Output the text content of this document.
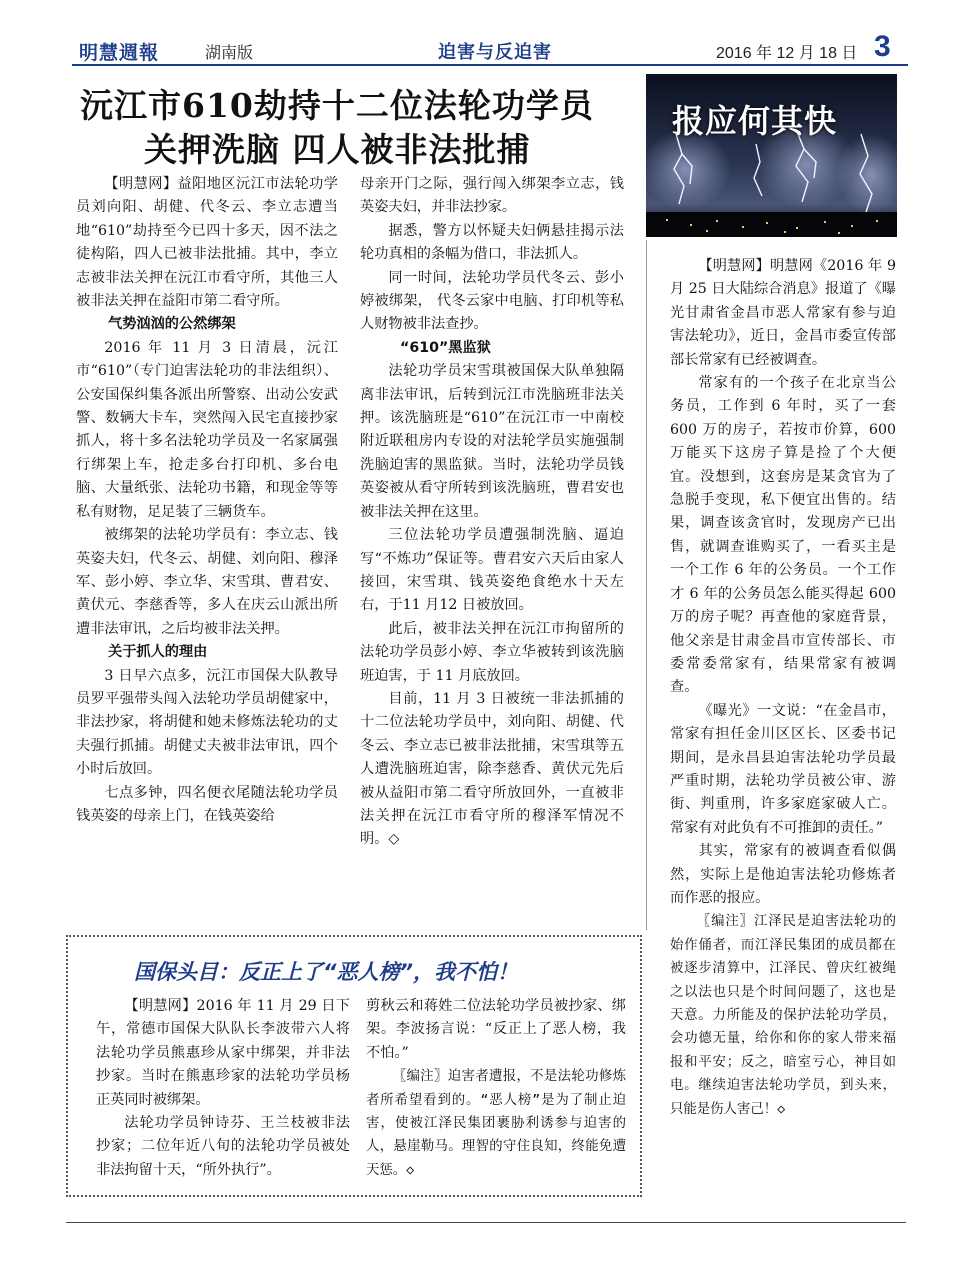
明慧週報	湖南版	迫害与反迫害	2016 年 12 月 18 日 3
沅江市610劫持十二位法轮功学员
关押洗脑 四人被非法批捕

【明慧网】益阳地区沅江市法轮功学员刘向阳、胡健、代冬云、李立志遭当地“610”劫持至今已四十多天，因不法之徒构陷，四人已被非法批捕。其中，李立志被非法关押在沅江市看守所，其他三人被非法关押在益阳市第二看守所。

气势汹汹的公然绑架

2016 年 11 月 3 日清晨，沅江市“610”（专门迫害法轮功的非法组织）、公安国保纠集各派出所警察、出动公安武警、数辆大卡车，突然闯入民宅直接抄家抓人，将十多名法轮功学员及一名家属强行绑架上车，抢走多台打印机、多台电脑、大量纸张、法轮功书籍，和现金等等私有财物，足足装了三辆货车。

被绑架的法轮功学员有：李立志、钱英姿夫妇，代冬云、胡健、刘向阳、穆泽军、彭小婷、李立华、宋雪琪、曹君安、黄伏元、李慈香等，多人在庆云山派出所遭非法审讯，之后均被非法关押。

关于抓人的理由

3 日早六点多，沅江市国保大队教导员罗平强带头闯入法轮功学员胡健家中，非法抄家，将胡健和她未修炼法轮功的丈夫强行抓捕。胡健丈夫被非法审讯，四个小时后放回。

七点多钟，四名便衣尾随法轮功学员钱英姿的母亲上门，在钱英姿给

母亲开门之际，强行闯入绑架李立志，钱英姿夫妇，并非法抄家。

据悉，警方以怀疑夫妇俩悬挂揭示法轮功真相的条幅为借口，非法抓人。

同一时间，法轮功学员代冬云、彭小婷被绑架， 代冬云家中电脑、打印机等私人财物被非法查抄。

“610”黑监狱

法轮功学员宋雪琪被国保大队单独隔离非法审讯，后转到沅江市洗脑班非法关押。该洗脑班是“610”在沅江市一中南校附近联租房内专设的对法轮学员实施强制洗脑迫害的黑监狱。当时，法轮功学员钱英姿被从看守所转到该洗脑班，曹君安也被非法关押在这里。

三位法轮功学员遭强制洗脑、逼迫写“不炼功”保证等。曹君安六天后由家人接回，宋雪琪、钱英姿绝食绝水十天左右，于11 月12 日被放回。

此后，被非法关押在沅江市拘留所的法轮功学员彭小婷、李立华被转到该洗脑班迫害，于 11 月底放回。

目前，11 月 3 日被统一非法抓捕的十二位法轮功学员中，刘向阳、胡健、代冬云、李立志已被非法批捕，宋雪琪等五人遭洗脑班迫害，除李慈香、黄伏元先后被从益阳市第二看守所放回外，一直被非法关押在沅江市看守所的穆泽军情况不明。◇

报应何其快

【明慧网】明慧网《2016 年 9 月 25 日大陆综合消息》报道了《曝光甘肃省金昌市恶人常家有参与迫害法轮功》，近日，金昌市委宣传部部长常家有已经被调查。

常家有的一个孩子在北京当公务员，工作到 6 年时，买了一套 600 万的房子，若按市价算，600 万能买下这房子算是捡了个大便宜。没想到，这套房是某贪官为了急脱手变现，私下便宜出售的。结果，调查该贪官时，发现房产已出售，就调查谁购买了，一看买主是一个工作 6 年的公务员。一个工作才 6 年的公务员怎么能买得起 600 万的房子呢？再查他的家庭背景，他父亲是甘肃金昌市宣传部长、市委常委常家有，结果常家有被调查。

《曝光》一文说：“在金昌市，常家有担任金川区区长、区委书记期间，是永昌县迫害法轮功学员最严重时期，法轮功学员被公审、游街、判重刑，许多家庭家破人亡。常家有对此负有不可推卸的责任。”

其实，常家有的被调查看似偶然，实际上是他迫害法轮功修炼者而作恶的报应。

〖编注〗江泽民是迫害法轮功的始作俑者，而江泽民集团的成员都在被逐步清算中，江泽民、曾庆红被绳之以法也只是个时间问题了，这也是天意。力所能及的保护法轮功学员，会功德无量，给你和你的家人带来福报和平安；反之，暗室亏心，神目如电。继续迫害法轮功学员，到头来，只能是伤人害己！◇

国保头目：反正上了“恶人榜”，我不怕！

【明慧网】2016 年 11 月 29 日下午，常德市国保大队队长李波带六人将法轮功学员熊惠珍从家中绑架，并非法抄家。当时在熊惠珍家的法轮功学员杨正英同时被绑架。

法轮功学员钟诗芬、王兰枝被非法抄家；二位年近八旬的法轮功学员被处非法拘留十天，“所外执行”。

剪秋云和蒋姓二位法轮功学员被抄家、绑架。李波扬言说：“反正上了恶人榜，我不怕。”

〖编注〗迫害者遭报，不是法轮功修炼者所希望看到的。“恶人榜”是为了制止迫害，使被江泽民集团裹胁利诱参与迫害的人，悬崖勒马。理智的守住良知，终能免遭天惩。◇
